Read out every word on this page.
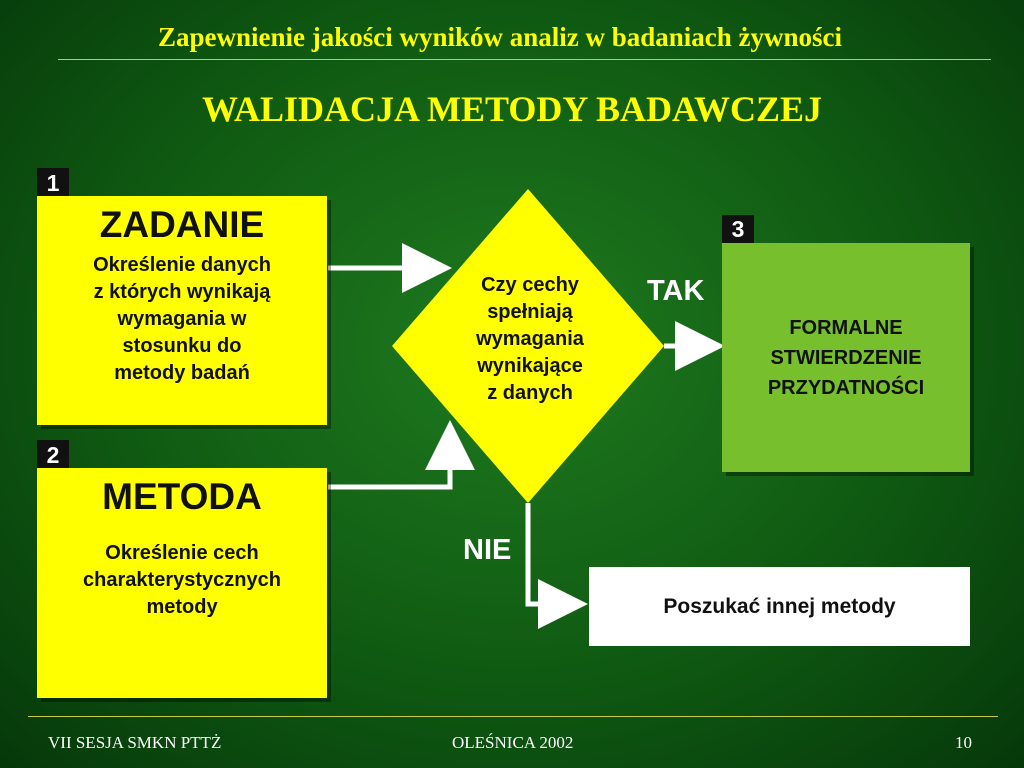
Zapewnienie jakości wyników analiz w badaniach żywności
WALIDACJA METODY BADAWCZEJ
1
ZADANIE
Określenie danych
z których wynikają
wymagania w
stosunku do
metody badań
2
METODA
Określenie cech
charakterystycznych
metody
Czy cechy
spełniają
wymagania
wynikające
z danych
TAK
NIE
3
FORMALNE
STWIERDZENIE
PRZYDATNOŚCI
Poszukać innej metody
VII SESJA SMKN PTTŻ	OLEŚNICA 2002	10
